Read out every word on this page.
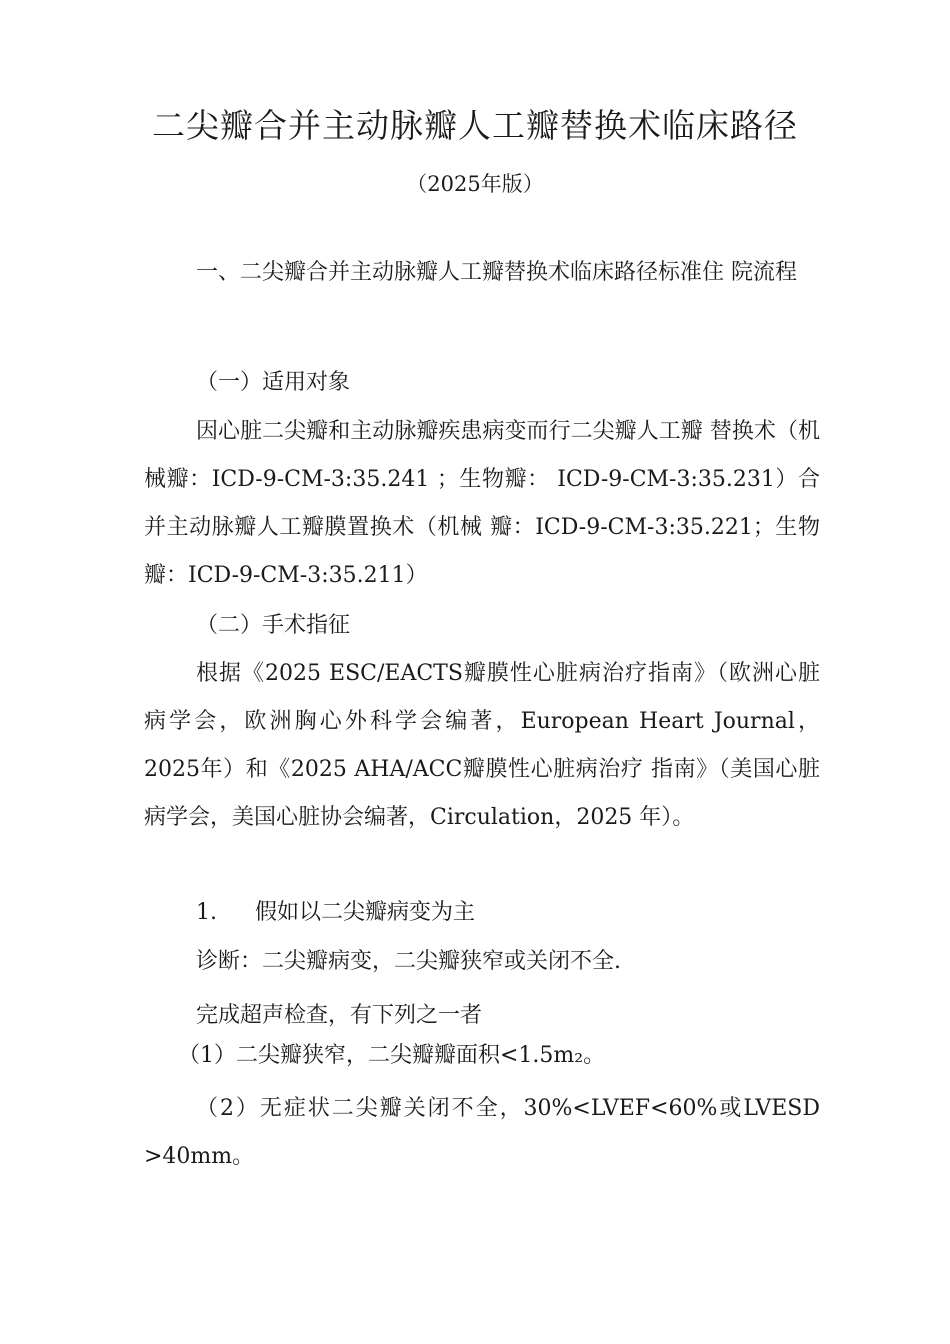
二尖瓣合并主动脉瓣人工瓣替换术临床路径
（2025年版）

一、二尖瓣合并主动脉瓣人工瓣替换术临床路径标准住 院流程

（一）适用对象

因心脏二尖瓣和主动脉瓣疾患病变而行二尖瓣人工瓣 替换术（机械瓣：ICD-9-CM-3:35.241 ；生物瓣： ICD-9-CM-3:35.231）合并主动脉瓣人工瓣膜置换术（机械 瓣：ICD-9-CM-3:35.221；生物瓣：ICD-9-CM-3:35.211）

（二）手术指征

根据《2025 ESC/EACTS瓣膜性心脏病治疗指南》（欧洲心脏病学会，欧洲胸心外科学会编著，European Heart Journal， 2025年）和《2025 AHA/ACC瓣膜性心脏病治疗 指南》（美国心脏病学会，美国心脏协会编著，Circulation，2025 年）。

1. 假如以二尖瓣病变为主

诊断：二尖瓣病变，二尖瓣狭窄或关闭不全.

完成超声检查，有下列之一者

（1）二尖瓣狭窄，二尖瓣瓣面积<1.5m₂。

（2）无症状二尖瓣关闭不全，30%<LVEF<60%或LVESD >40mm。
